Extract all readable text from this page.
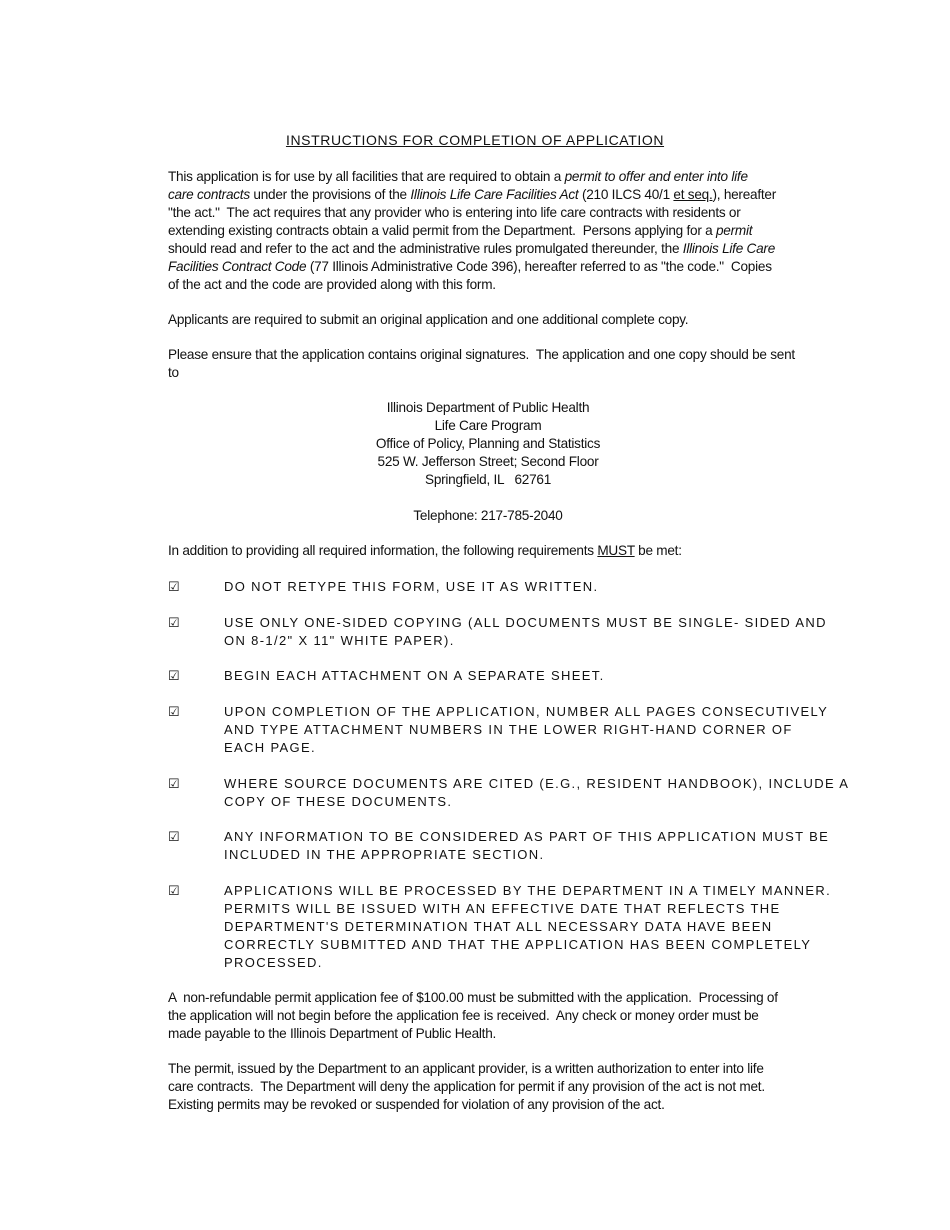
INSTRUCTIONS FOR COMPLETION OF APPLICATION
This application is for use by all facilities that are required to obtain a permit to offer and enter into life
care contracts under the provisions of the Illinois Life Care Facilities Act (210 ILCS 40/1 et seq.), hereafter
"the act."  The act requires that any provider who is entering into life care contracts with residents or
extending existing contracts obtain a valid permit from the Department.  Persons applying for a permit
should read and refer to the act and the administrative rules promulgated thereunder, the Illinois Life Care
Facilities Contract Code (77 Illinois Administrative Code 396), hereafter referred to as "the code."  Copies
of the act and the code are provided along with this form.
Applicants are required to submit an original application and one additional complete copy.
Please ensure that the application contains original signatures.  The application and one copy should be sent
to
Illinois Department of Public Health
Life Care Program
Office of Policy, Planning and Statistics
525 W. Jefferson Street; Second Floor
Springfield, IL   62761
Telephone: 217-785-2040
In addition to providing all required information, the following requirements MUST be met:
☑	DO NOT RETYPE THIS FORM, USE IT AS WRITTEN.
☑	USE ONLY ONE-SIDED COPYING (ALL DOCUMENTS MUST BE SINGLE- SIDED AND
ON 8-1/2" X 11" WHITE PAPER).
☑	BEGIN EACH ATTACHMENT ON A SEPARATE SHEET.
☑	UPON COMPLETION OF THE APPLICATION, NUMBER ALL PAGES CONSECUTIVELY
AND TYPE ATTACHMENT NUMBERS IN THE LOWER RIGHT-HAND CORNER OF
EACH PAGE.
☑	WHERE SOURCE DOCUMENTS ARE CITED (E.G., RESIDENT HANDBOOK), INCLUDE A
COPY OF THESE DOCUMENTS.
☑	ANY INFORMATION TO BE CONSIDERED AS PART OF THIS APPLICATION MUST BE
INCLUDED IN THE APPROPRIATE SECTION.
☑	APPLICATIONS WILL BE PROCESSED BY THE DEPARTMENT IN A TIMELY MANNER.
PERMITS WILL BE ISSUED WITH AN EFFECTIVE DATE THAT REFLECTS THE
DEPARTMENT'S DETERMINATION THAT ALL NECESSARY DATA HAVE BEEN
CORRECTLY SUBMITTED AND THAT THE APPLICATION HAS BEEN COMPLETELY
PROCESSED.
A  non-refundable permit application fee of $100.00 must be submitted with the application.  Processing of
the application will not begin before the application fee is received.  Any check or money order must be
made payable to the Illinois Department of Public Health.
The permit, issued by the Department to an applicant provider, is a written authorization to enter into life
care contracts.  The Department will deny the application for permit if any provision of the act is not met.
Existing permits may be revoked or suspended for violation of any provision of the act.
